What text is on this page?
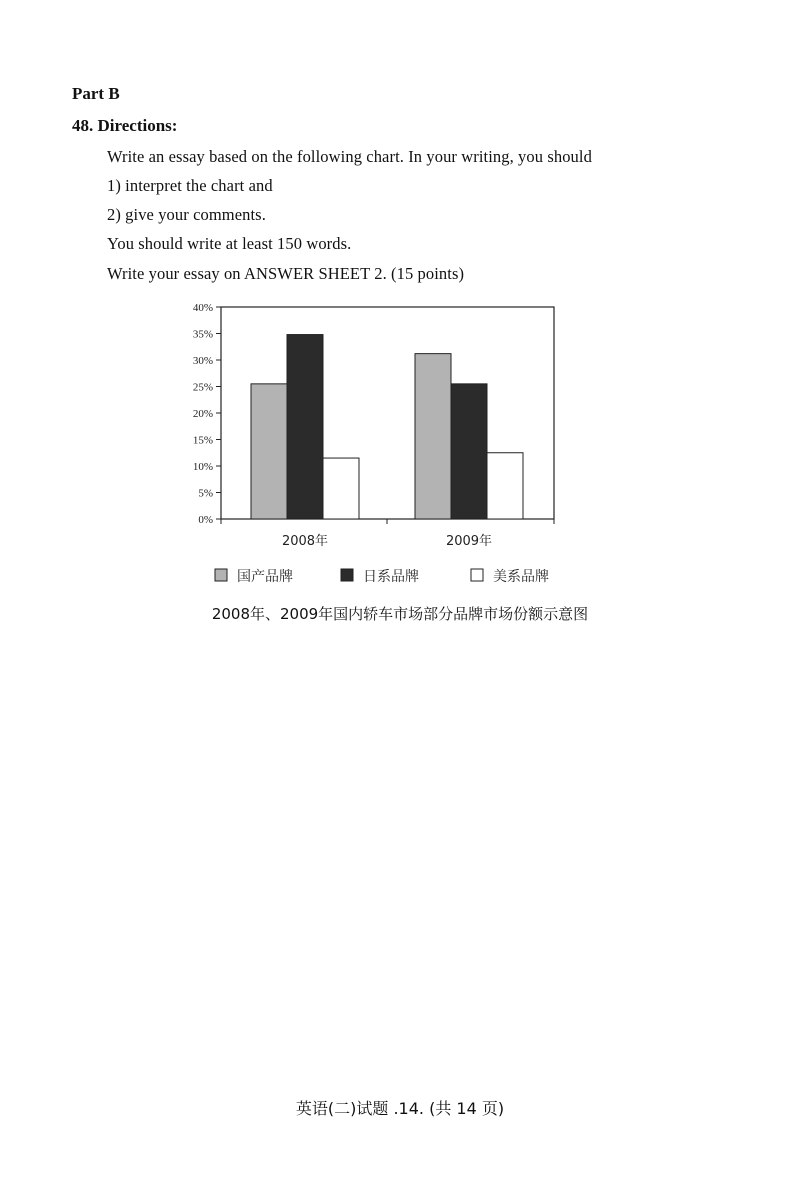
Part B
48. Directions:
Write an essay based on the following chart. In your writing, you should
1) interpret the chart and
2) give your comments.
You should write at least 150 words.
Write your essay on ANSWER SHEET 2. (15 points)
0%
5%
10%
15%
20%
25%
30%
35%
40%
2008年	2009年
国产品牌	日系品牌	美系品牌
2008年、2009年国内轿车市场部分品牌市场份额示意图
英语(二)试题 .14. (共 14 页)
